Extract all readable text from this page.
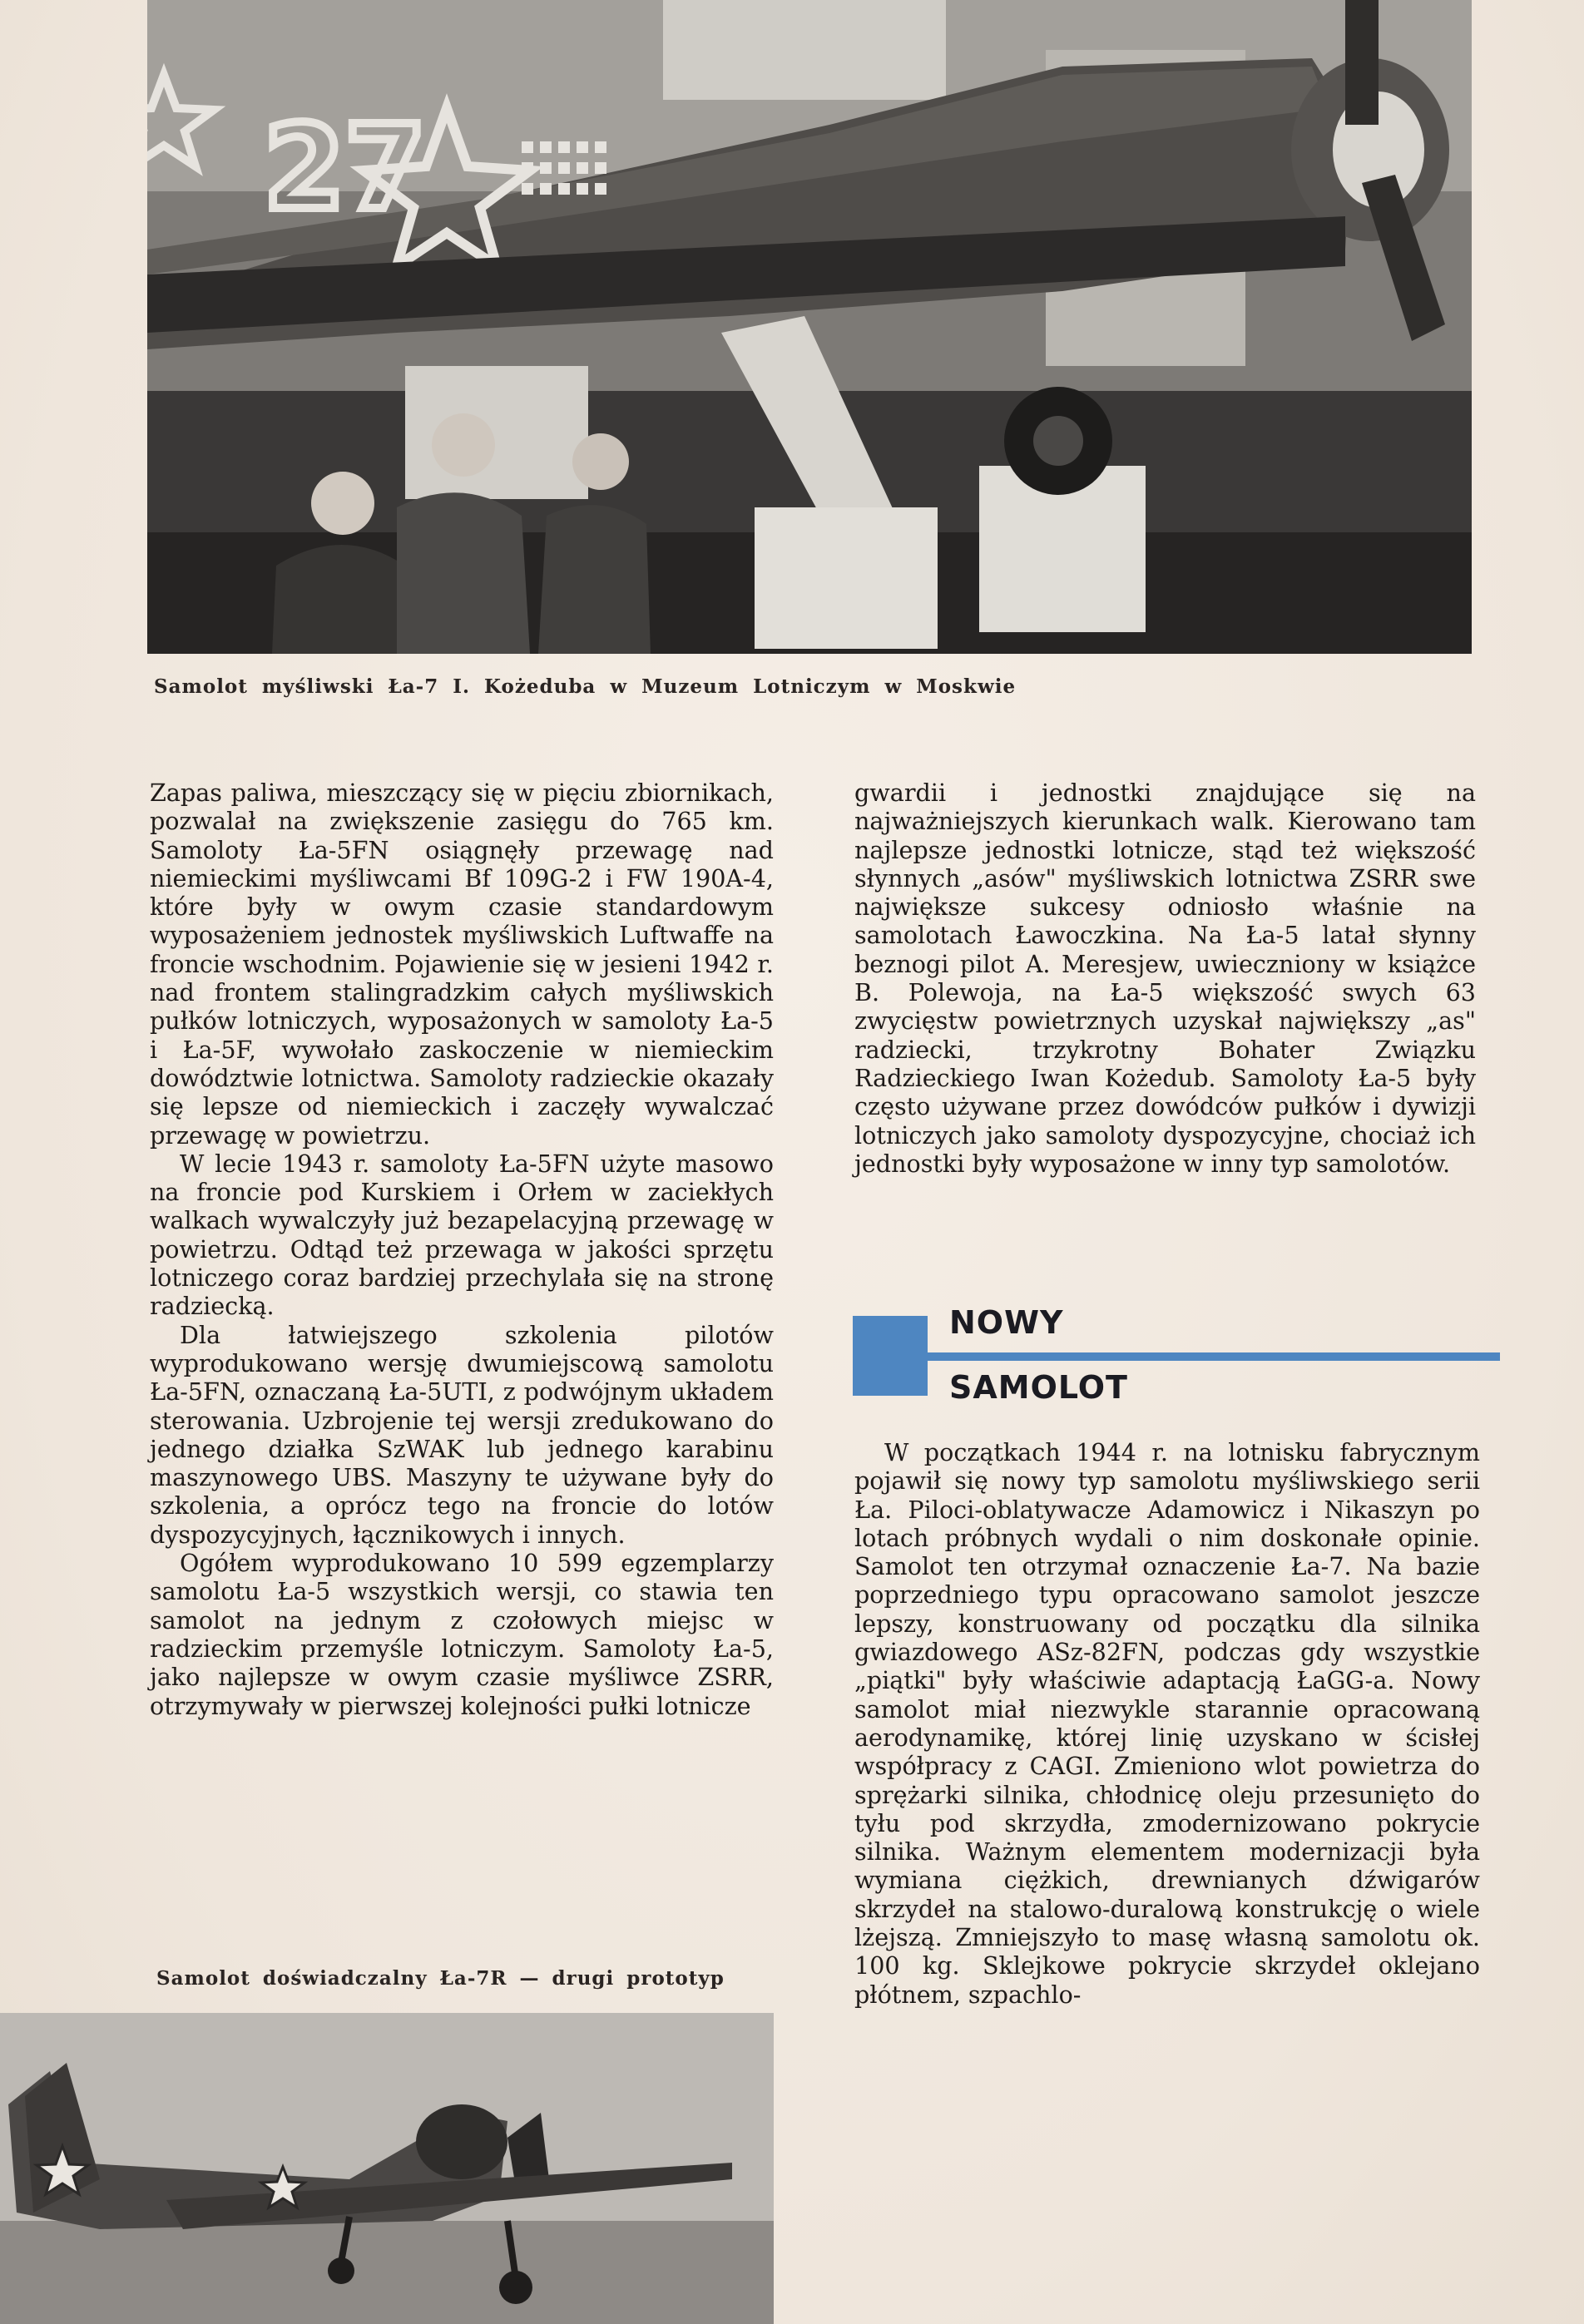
27
Samolot myśliwski Ła-7 I. Kożeduba w Muzeum Lotniczym w Moskwie

Zapas paliwa, mieszczący się w pięciu zbiornikach, pozwalał na zwiększenie zasięgu do 765 km. Samoloty Ła-5FN osiągnęły przewagę nad niemieckimi myśliwcami Bf 109G-2 i FW 190A-4, które były w owym czasie standardowym wyposażeniem jednostek myśliwskich Luftwaffe na froncie wschodnim. Pojawienie się w jesieni 1942 r. nad frontem stalingradzkim całych myśliwskich pułków lotniczych, wyposażonych w samoloty Ła-5 i Ła-5F, wywołało zaskoczenie w niemieckim dowództwie lotnictwa. Samoloty radzieckie okazały się lepsze od niemieckich i zaczęły wywalczać przewagę w powietrzu.

W lecie 1943 r. samoloty Ła-5FN użyte masowo na froncie pod Kurskiem i Orłem w zaciekłych walkach wywalczyły już bezapelacyjną przewagę w powietrzu. Odtąd też przewaga w jakości sprzętu lotniczego coraz bardziej przechylała się na stronę radziecką.

Dla łatwiejszego szkolenia pilotów wyprodukowano wersję dwumiejscową samolotu Ła-5FN, oznaczaną Ła-5UTI, z podwójnym układem sterowania. Uzbrojenie tej wersji zredukowano do jednego działka SzWAK lub jednego karabinu maszynowego UBS. Maszyny te używane były do szkolenia, a oprócz tego na froncie do lotów dyspozycyjnych, łącznikowych i innych.

Ogółem wyprodukowano 10 599 egzemplarzy samolotu Ła-5 wszystkich wersji, co stawia ten samolot na jednym z czołowych miejsc w radzieckim przemyśle lotniczym. Samoloty Ła-5, jako najlepsze w owym czasie myśliwce ZSRR, otrzymywały w pierwszej kolejności pułki lotnicze

gwardii i jednostki znajdujące się na najważniejszych kierunkach walk. Kierowano tam najlepsze jednostki lotnicze, stąd też większość słynnych „asów" myśliwskich lotnictwa ZSRR swe największe sukcesy odniosło właśnie na samolotach Ławoczkina. Na Ła-5 latał słynny beznogi pilot A. Meresjew, uwieczniony w książce B. Polewoja, na Ła-5 większość swych 63 zwycięstw powietrznych uzyskał największy „as" radziecki, trzykrotny Bohater Związku Radzieckiego Iwan Kożedub. Samoloty Ła-5 były często używane przez dowódców pułków i dywizji lotniczych jako samoloty dyspozycyjne, chociaż ich jednostki były wyposażone w inny typ samolotów.

NOWY
SAMOLOT

W początkach 1944 r. na lotnisku fabrycznym pojawił się nowy typ samolotu myśliwskiego serii Ła. Piloci-oblatywacze Adamowicz i Nikaszyn po lotach próbnych wydali o nim doskonałe opinie. Samolot ten otrzymał oznaczenie Ła-7. Na bazie poprzedniego typu opracowano samolot jeszcze lepszy, konstruowany od początku dla silnika gwiazdowego ASz-82FN, podczas gdy wszystkie „piątki" były właściwie adaptacją ŁaGG-a. Nowy samolot miał niezwykle starannie opracowaną aerodynamikę, której linię uzyskano w ścisłej współpracy z CAGI. Zmieniono wlot powietrza do sprężarki silnika, chłodnicę oleju przesunięto do tyłu pod skrzydła, zmodernizowano pokrycie silnika. Ważnym elementem modernizacji była wymiana ciężkich, drewnianych dźwigarów skrzydeł na stalowo-duralową konstrukcję o wiele lżejszą. Zmniejszyło to masę własną samolotu ok. 100 kg. Sklejkowe pokrycie skrzydeł oklejano płótnem, szpachlo-

Samolot doświadczalny Ła-7R — drugi prototyp
